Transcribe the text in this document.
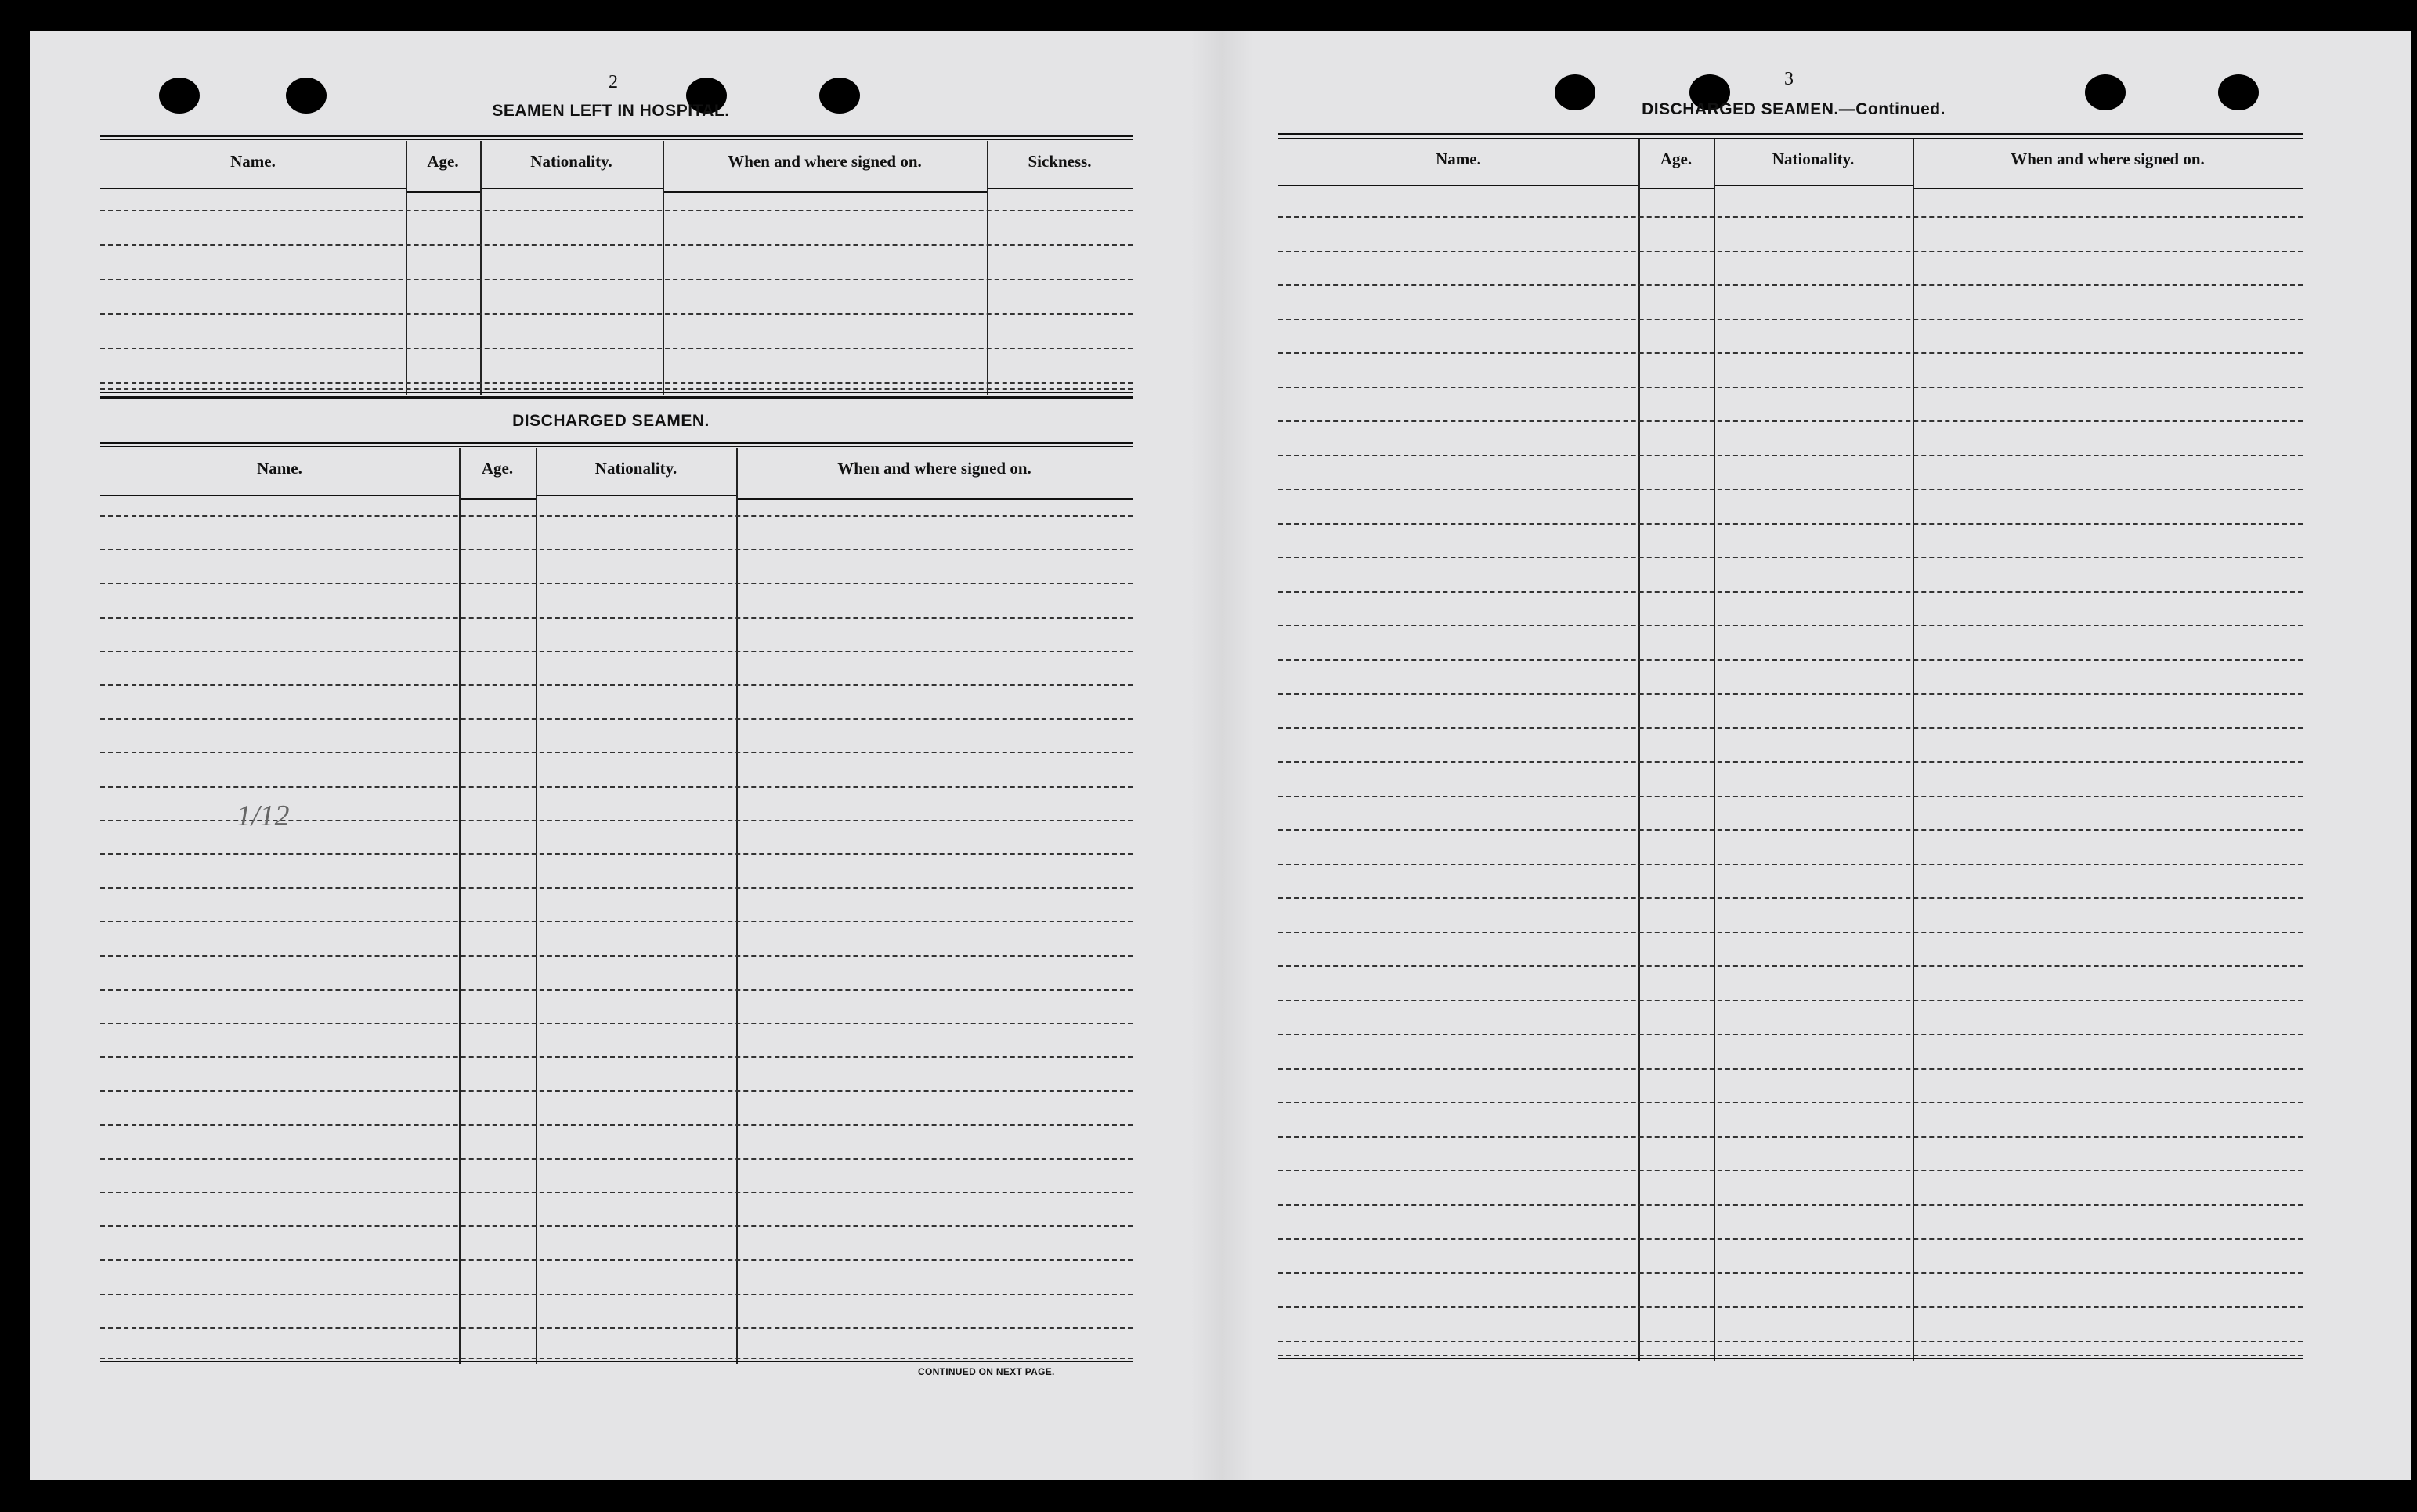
2
SEAMEN LEFT IN HOSPITAL.
Name.	Age.	Nationality.	When and where signed on.	Sickness.
DISCHARGED SEAMEN.
Name.	Age.	Nationality.	When and where signed on.
CONTINUED ON NEXT PAGE.
1/12
3
DISCHARGED SEAMEN.—Continued.
Name.	Age.	Nationality.	When and where signed on.
